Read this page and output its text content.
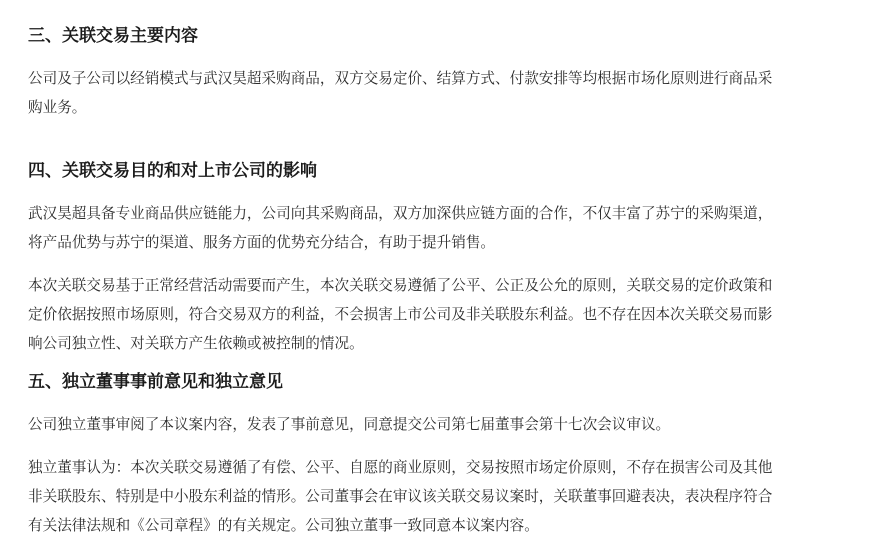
三、关联交易主要内容

公司及子公司以经销模式与武汉昊超采购商品，双方交易定价、结算方式、付款安排等均根据市场化原则进行商品采
购业务。

四、关联交易目的和对上市公司的影响

武汉昊超具备专业商品供应链能力，公司向其采购商品，双方加深供应链方面的合作，不仅丰富了苏宁的采购渠道，
将产品优势与苏宁的渠道、服务方面的优势充分结合，有助于提升销售。

本次关联交易基于正常经营活动需要而产生，本次关联交易遵循了公平、公正及公允的原则，关联交易的定价政策和
定价依据按照市场原则，符合交易双方的利益，不会损害上市公司及非关联股东利益。也不存在因本次关联交易而影
响公司独立性、对关联方产生依赖或被控制的情况。

五、独立董事事前意见和独立意见

公司独立董事审阅了本议案内容，发表了事前意见，同意提交公司第七届董事会第十七次会议审议。

独立董事认为：本次关联交易遵循了有偿、公平、自愿的商业原则，交易按照市场定价原则，不存在损害公司及其他
非关联股东、特别是中小股东利益的情形。公司董事会在审议该关联交易议案时，关联董事回避表决，表决程序符合
有关法律法规和《公司章程》的有关规定。公司独立董事一致同意本议案内容。
